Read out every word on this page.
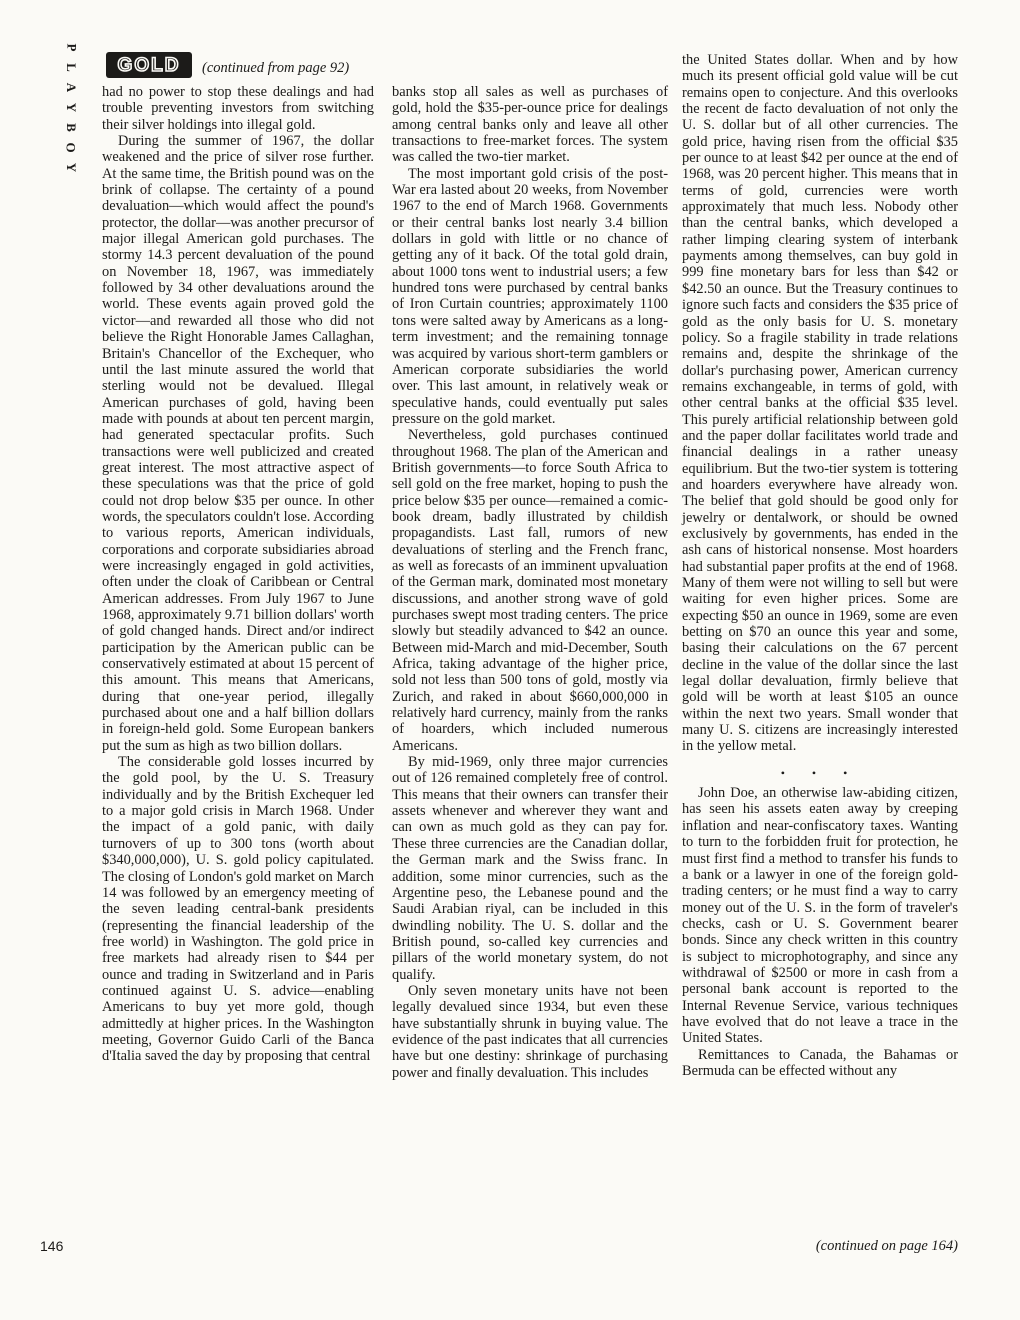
P
L
A
Y
B
O
Y
GOLD (continued from page 92)

had no power to stop these dealings and had trouble preventing investors from switching their silver holdings into illegal gold.

During the summer of 1967, the dollar weakened and the price of silver rose further. At the same time, the British pound was on the brink of collapse. The certainty of a pound devaluation—which would affect the pound's protector, the dollar—was another precursor of major illegal American gold purchases. The stormy 14.3 percent devaluation of the pound on November 18, 1967, was immediately followed by 34 other devaluations around the world. These events again proved gold the victor—and rewarded all those who did not believe the Right Honorable James Callaghan, Britain's Chancellor of the Exchequer, who until the last minute assured the world that sterling would not be devalued. Illegal American purchases of gold, having been made with pounds at about ten percent margin, had generated spectacular profits. Such transactions were well publicized and created great interest. The most attractive aspect of these speculations was that the price of gold could not drop below $35 per ounce. In other words, the speculators couldn't lose. According to various reports, American individuals, corporations and corporate subsidiaries abroad were increasingly engaged in gold activities, often under the cloak of Caribbean or Central American addresses. From July 1967 to June 1968, approximately 9.71 billion dollars' worth of gold changed hands. Direct and/or indirect participation by the American public can be conservatively estimated at about 15 percent of this amount. This means that Americans, during that one-year period, illegally purchased about one and a half billion dollars in foreign-held gold. Some European bankers put the sum as high as two billion dollars.

The considerable gold losses incurred by the gold pool, by the U. S. Treasury individually and by the British Exchequer led to a major gold crisis in March 1968. Under the impact of a gold panic, with daily turnovers of up to 300 tons (worth about $340,000,000), U. S. gold policy capitulated. The closing of London's gold market on March 14 was followed by an emergency meeting of the seven leading central-bank presidents (representing the financial leadership of the free world) in Washington. The gold price in free markets had already risen to $44 per ounce and trading in Switzerland and in Paris continued against U. S. advice—enabling Americans to buy yet more gold, though admittedly at higher prices. In the Washington meeting, Governor Guido Carli of the Banca d'Italia saved the day by proposing that central

banks stop all sales as well as purchases of gold, hold the $35-per-ounce price for dealings among central banks only and leave all other transactions to free-market forces. The system was called the two-tier market.

The most important gold crisis of the post-War era lasted about 20 weeks, from November 1967 to the end of March 1968. Governments or their central banks lost nearly 3.4 billion dollars in gold with little or no chance of getting any of it back. Of the total gold drain, about 1000 tons went to industrial users; a few hundred tons were purchased by central banks of Iron Curtain countries; approximately 1100 tons were salted away by Americans as a long-term investment; and the remaining tonnage was acquired by various short-term gamblers or American corporate subsidiaries the world over. This last amount, in relatively weak or speculative hands, could eventually put sales pressure on the gold market.

Nevertheless, gold purchases continued throughout 1968. The plan of the American and British governments—to force South Africa to sell gold on the free market, hoping to push the price below $35 per ounce—remained a comic-book dream, badly illustrated by childish propagandists. Last fall, rumors of new devaluations of sterling and the French franc, as well as forecasts of an imminent upvaluation of the German mark, dominated most monetary discussions, and another strong wave of gold purchases swept most trading centers. The price slowly but steadily advanced to $42 an ounce. Between mid-March and mid-December, South Africa, taking advantage of the higher price, sold not less than 500 tons of gold, mostly via Zurich, and raked in about $660,000,000 in relatively hard currency, mainly from the ranks of hoarders, which included numerous Americans.

By mid-1969, only three major currencies out of 126 remained completely free of control. This means that their owners can transfer their assets whenever and wherever they want and can own as much gold as they can pay for. These three currencies are the Canadian dollar, the German mark and the Swiss franc. In addition, some minor currencies, such as the Argentine peso, the Lebanese pound and the Saudi Arabian riyal, can be included in this dwindling nobility. The U. S. dollar and the British pound, so-called key currencies and pillars of the world monetary system, do not qualify.

Only seven monetary units have not been legally devalued since 1934, but even these have substantially shrunk in buying value. The evidence of the past indicates that all currencies have but one destiny: shrinkage of purchasing power and finally devaluation. This includes

the United States dollar. When and by how much its present official gold value will be cut remains open to conjecture. And this overlooks the recent de facto devaluation of not only the U. S. dollar but of all other currencies. The gold price, having risen from the official $35 per ounce to at least $42 per ounce at the end of 1968, was 20 percent higher. This means that in terms of gold, currencies were worth approximately that much less. Nobody other than the central banks, which developed a rather limping clearing system of interbank payments among themselves, can buy gold in 999 fine monetary bars for less than $42 or $42.50 an ounce. But the Treasury continues to ignore such facts and considers the $35 price of gold as the only basis for U. S. monetary policy. So a fragile stability in trade relations remains and, despite the shrinkage of the dollar's purchasing power, American currency remains exchangeable, in terms of gold, with other central banks at the official $35 level. This purely artificial relationship between gold and the paper dollar facilitates world trade and financial dealings in a rather uneasy equilibrium. But the two-tier system is tottering and hoarders everywhere have already won. The belief that gold should be good only for jewelry or dentalwork, or should be owned exclusively by governments, has ended in the ash cans of historical nonsense. Most hoarders had substantial paper profits at the end of 1968. Many of them were not willing to sell but were waiting for even higher prices. Some are expecting $50 an ounce in 1969, some are even betting on $70 an ounce this year and some, basing their calculations on the 67 percent decline in the value of the dollar since the last legal dollar devaluation, firmly believe that gold will be worth at least $105 an ounce within the next two years. Small wonder that many U. S. citizens are increasingly interested in the yellow metal.

• • •

John Doe, an otherwise law-abiding citizen, has seen his assets eaten away by creeping inflation and near-confiscatory taxes. Wanting to turn to the forbidden fruit for protection, he must first find a method to transfer his funds to a bank or a lawyer in one of the foreign gold-trading centers; or he must find a way to carry money out of the U. S. in the form of traveler's checks, cash or U. S. Government bearer bonds. Since any check written in this country is subject to microphotography, and since any withdrawal of $2500 or more in cash from a personal bank account is reported to the Internal Revenue Service, various techniques have evolved that do not leave a trace in the United States.

Remittances to Canada, the Bahamas or Bermuda can be effected without any

(continued on page 164)
146
